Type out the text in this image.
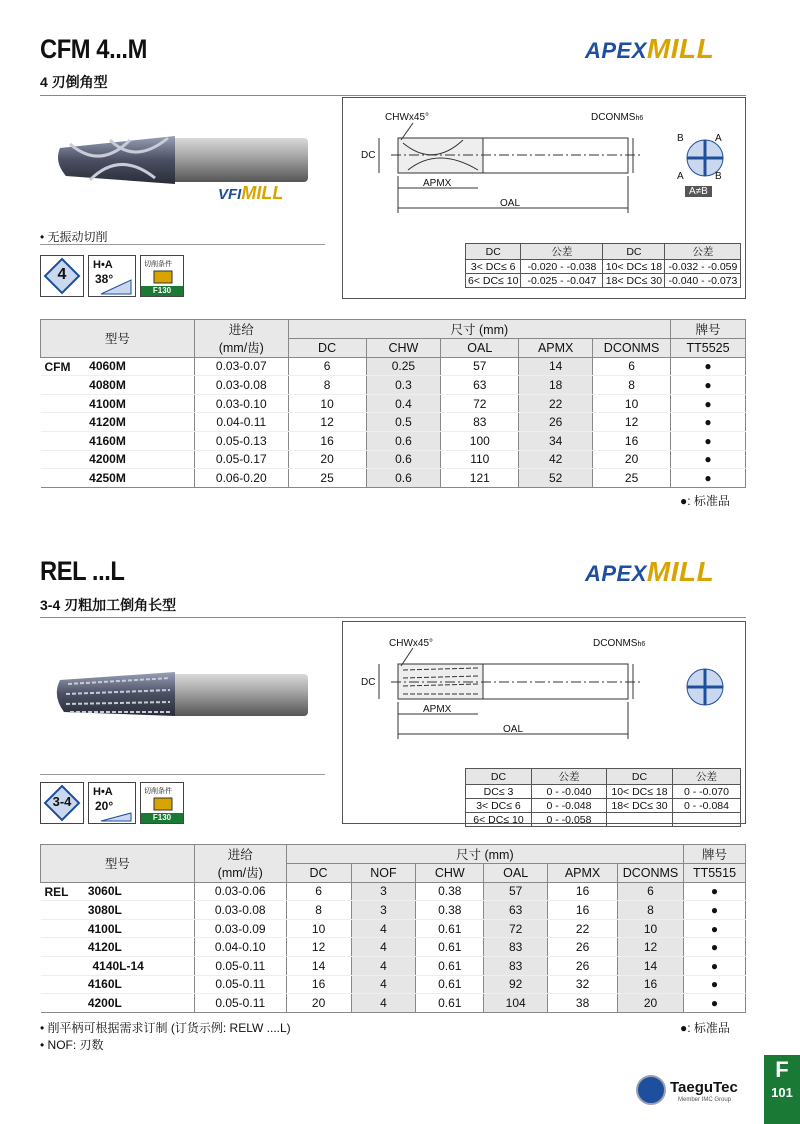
CFM 4...M
4 刃倒角型
APEXMILL
VFIMILL
• 无振动切削
4
H•A
38°
切削条件
F130
CHWx45°	DCONMSh6
DC
APMX
OAL
B	A
A	B
A≠B
DC	公差	DC	公差
3< DC≤ 6	-0.020 - -0.038	10< DC≤ 18	-0.032 - -0.059
6< DC≤ 10	-0.025 - -0.047	18< DC≤ 30	-0.040 - -0.073
型号	进给
(mm/齿)	尺寸 (mm)					牌号
		DC	CHW	OAL	APMX	DCONMS	TT5525

CFM 4060M	0.03-0.07	6	0.25	57	14	6	●
4080M	0.03-0.08	8	0.3	63	18	8	●
4100M	0.03-0.10	10	0.4	72	22	10	●
4120M	0.04-0.11	12	0.5	83	26	12	●
4160M	0.05-0.13	16	0.6	100	34	16	●
4200M	0.05-0.17	20	0.6	110	42	20	●
4250M	0.06-0.20	25	0.6	121	52	25	●
●: 标准品
REL ...L
3-4 刃粗加工倒角长型
APEXMILL
3-4
H•A
20°
切削条件
F130
CHWx45°	DCONMSh6
DC
APMX
OAL
DC	公差	DC	公差
DC≤ 3	0 - -0.040	10< DC≤ 18	0 - -0.070
3< DC≤ 6	0 - -0.048	18< DC≤ 30	0 - -0.084
6< DC≤ 10	0 - -0.058		
型号	进给
(mm/齿)	尺寸 (mm)						牌号
		DC	NOF	CHW	OAL	APMX	DCONMS	TT5515

REL 3060L	0.03-0.06	6	3	0.38	57	16	6	●
3080L	0.03-0.08	8	3	0.38	63	16	8	●
4100L	0.03-0.09	10	4	0.61	72	22	10	●
4120L	0.04-0.10	12	4	0.61	83	26	12	●
4140L-14	0.05-0.11	14	4	0.61	83	26	14	●
4160L	0.05-0.11	16	4	0.61	92	32	16	●
4200L	0.05-0.11	20	4	0.61	104	38	20	●
• 削平柄可根据需求订制 (订货示例: RELW ....L)
• NOF: 刃数
●: 标准品
TaeguTec
Member IMC Group
F
101
